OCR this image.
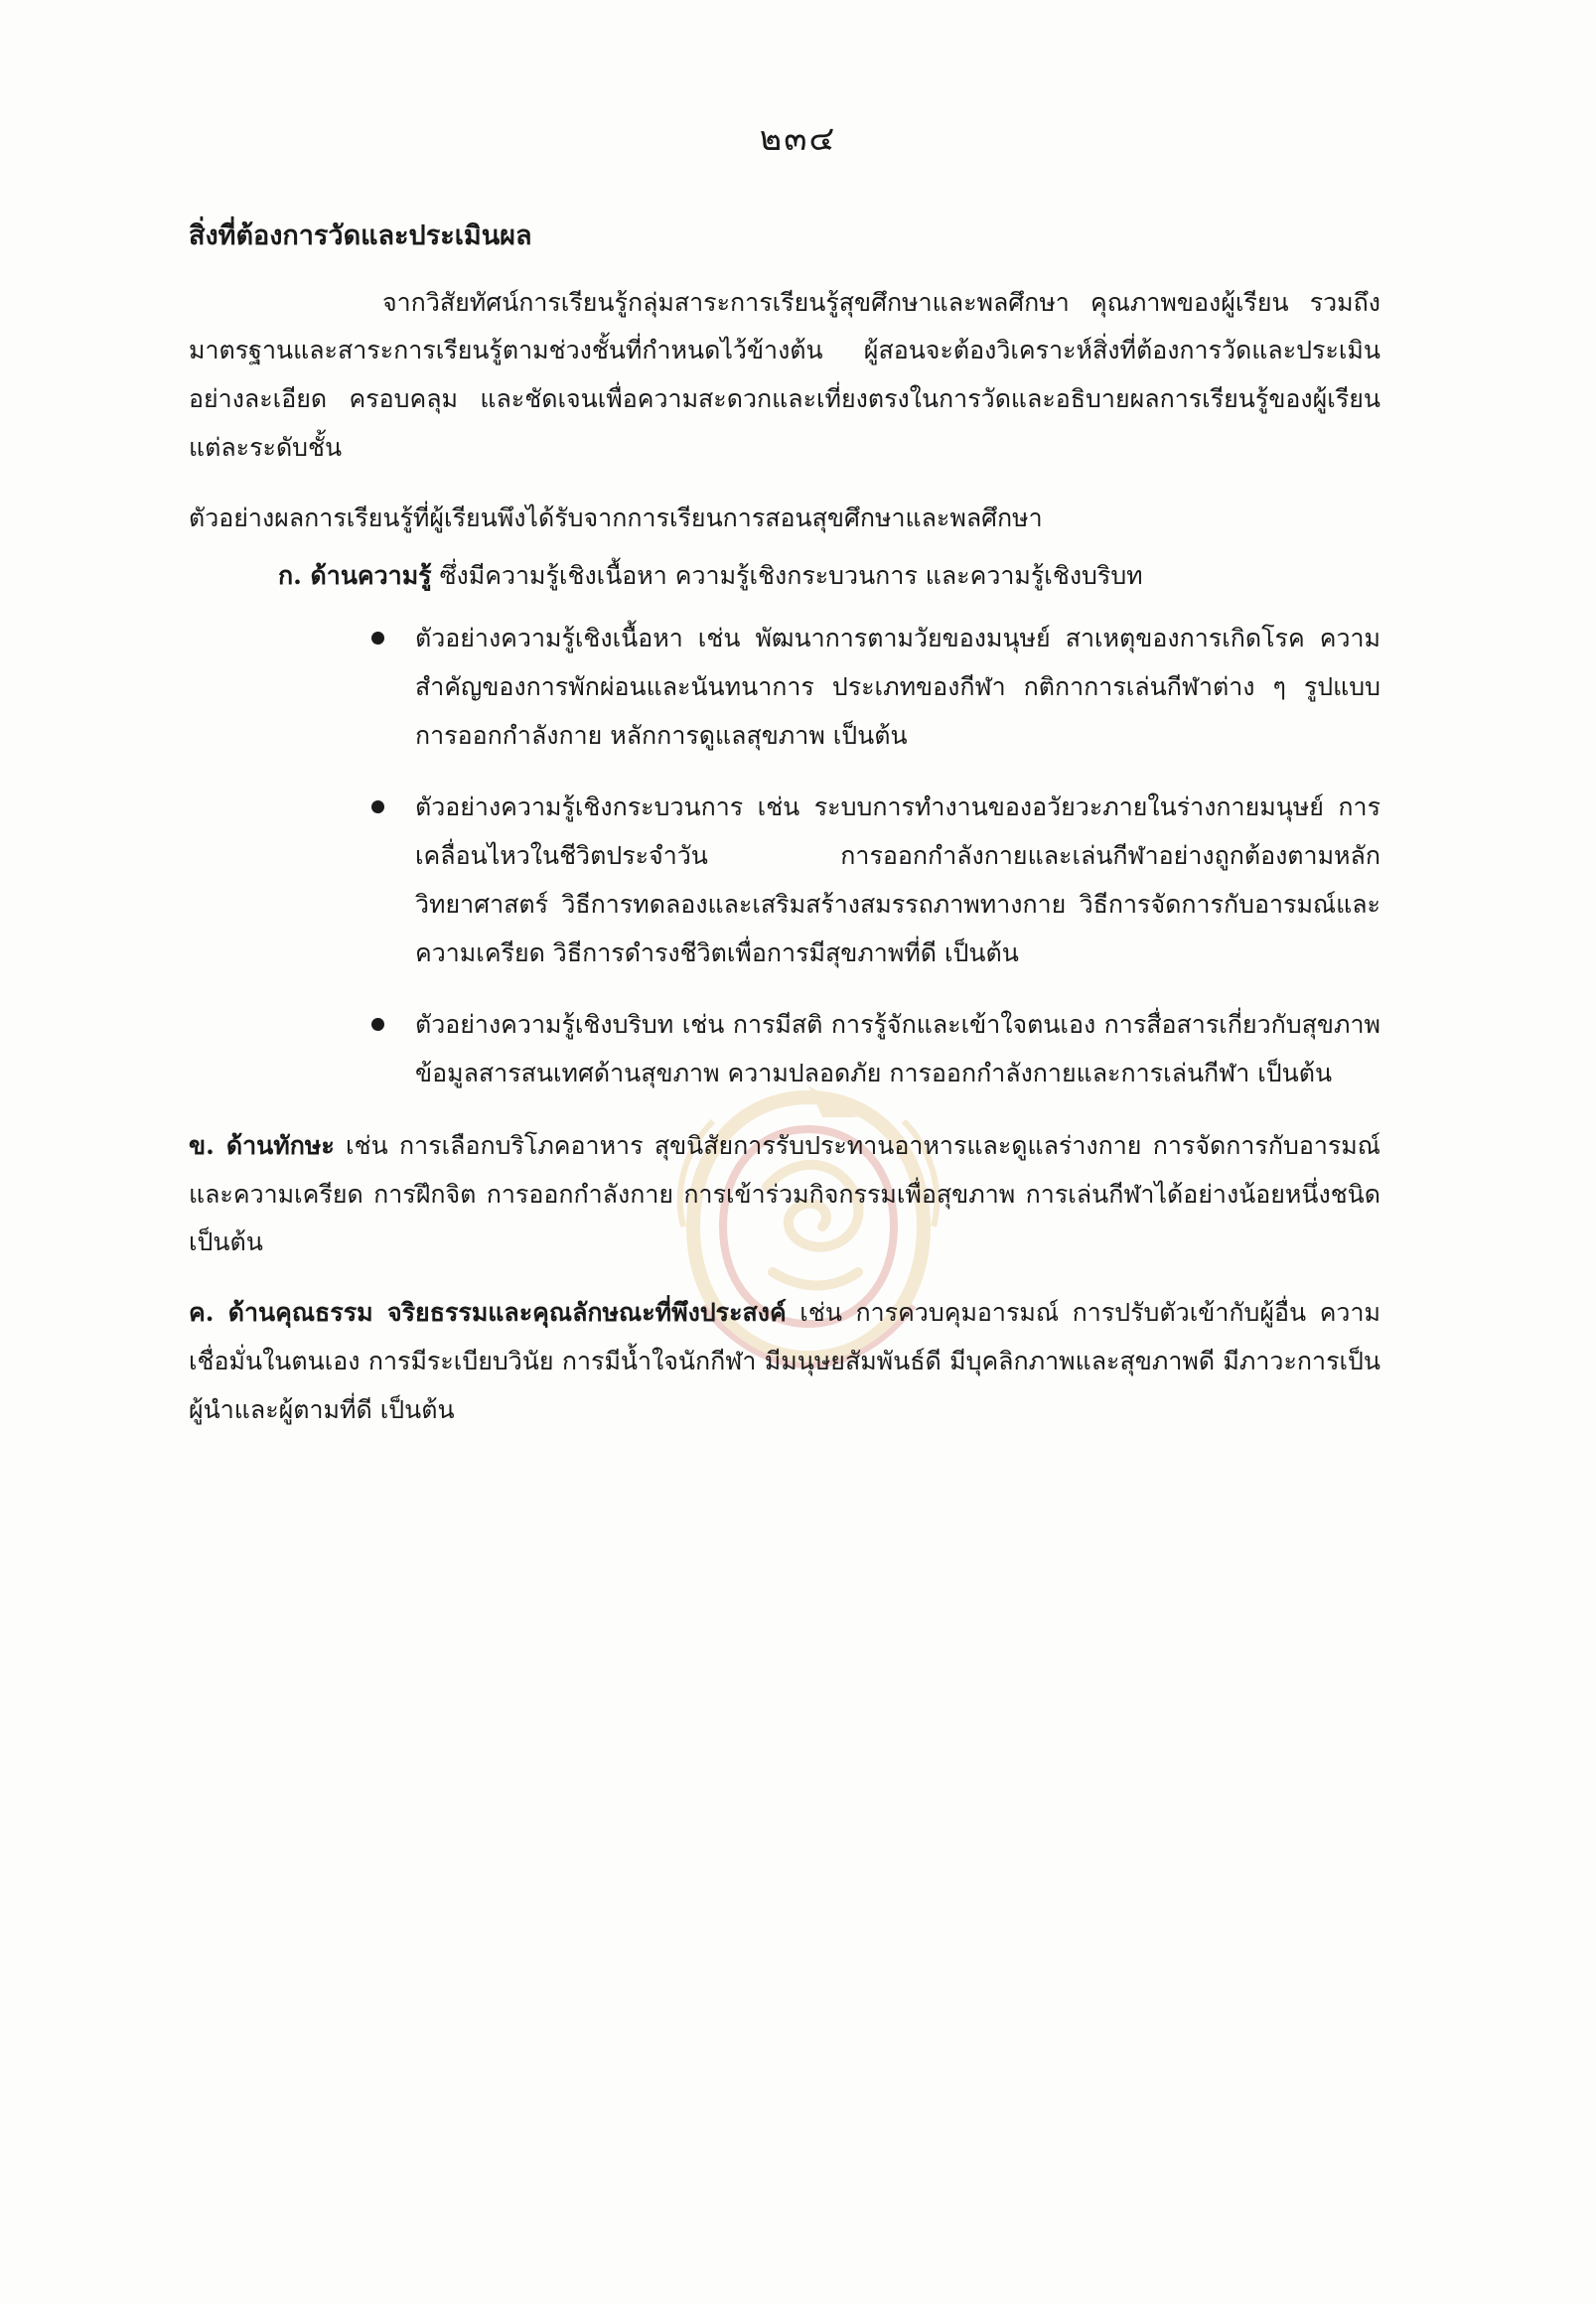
๒๓๔
สิ่งที่ต้องการวัดและประเมินผล

จากวิสัยทัศน์การเรียนรู้กลุ่มสาระการเรียนรู้สุขศึกษาและพลศึกษา คุณภาพของผู้เรียน รวมถึงมาตรฐานและสาระการเรียนรู้ตามช่วงชั้นที่กำหนดไว้ข้างต้น ผู้สอนจะต้องวิเคราะห์สิ่งที่ต้องการวัดและประเมินอย่างละเอียด ครอบคลุม และชัดเจนเพื่อความสะดวกและเที่ยงตรงในการวัดและอธิบายผลการเรียนรู้ของผู้เรียนแต่ละระดับชั้น

ตัวอย่างผลการเรียนรู้ที่ผู้เรียนพึงได้รับจากการเรียนการสอนสุขศึกษาและพลศึกษา

ก. ด้านความรู้ ซึ่งมีความรู้เชิงเนื้อหา ความรู้เชิงกระบวนการ และความรู้เชิงบริบท

ตัวอย่างความรู้เชิงเนื้อหา เช่น พัฒนาการตามวัยของมนุษย์ สาเหตุของการเกิดโรค ความสำคัญของการพักผ่อนและนันทนาการ ประเภทของกีฬา กติกาการเล่นกีฬาต่าง ๆ รูปแบบการออกกำลังกาย หลักการดูแลสุขภาพ เป็นต้น
ตัวอย่างความรู้เชิงกระบวนการ เช่น ระบบการทำงานของอวัยวะภายในร่างกายมนุษย์ การเคลื่อนไหวในชีวิตประจำวัน การออกกำลังกายและเล่นกีฬาอย่างถูกต้องตามหลักวิทยาศาสตร์ วิธีการทดลองและเสริมสร้างสมรรถภาพทางกาย วิธีการจัดการกับอารมณ์และความเครียด วิธีการดำรงชีวิตเพื่อการมีสุขภาพที่ดี เป็นต้น
ตัวอย่างความรู้เชิงบริบท เช่น การมีสติ การรู้จักและเข้าใจตนเอง การสื่อสารเกี่ยวกับสุขภาพ ข้อมูลสารสนเทศด้านสุขภาพ ความปลอดภัย การออกกำลังกายและการเล่นกีฬา เป็นต้น

ข. ด้านทักษะ เช่น การเลือกบริโภคอาหาร สุขนิสัยการรับประทานอาหารและดูแลร่างกาย การจัดการกับอารมณ์และความเครียด การฝึกจิต การออกกำลังกาย การเข้าร่วมกิจกรรมเพื่อสุขภาพ การเล่นกีฬาได้อย่างน้อยหนึ่งชนิด เป็นต้น

ค. ด้านคุณธรรม จริยธรรมและคุณลักษณะที่พึงประสงค์ เช่น การควบคุมอารมณ์ การปรับตัวเข้ากับผู้อื่น ความเชื่อมั่นในตนเอง การมีระเบียบวินัย การมีน้ำใจนักกีฬา มีมนุษยสัมพันธ์ดี มีบุคลิกภาพและสุขภาพดี มีภาวะการเป็นผู้นำและผู้ตามที่ดี เป็นต้น
